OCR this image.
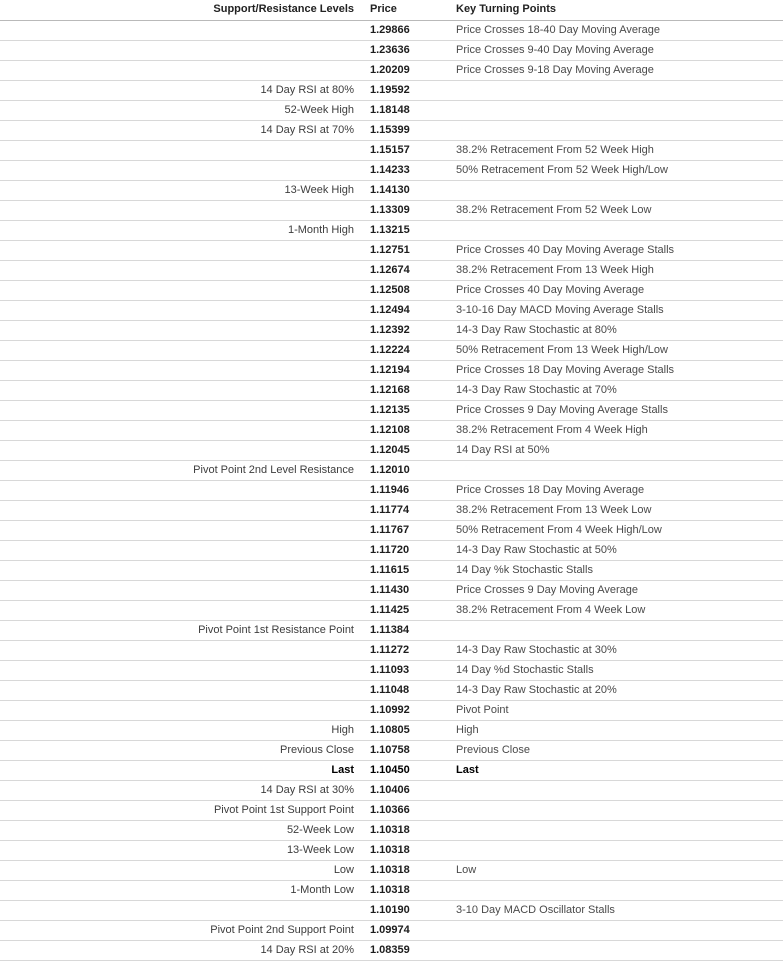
Support/Resistance Levels	Price	Key Turning Points
	1.29866	Price Crosses 18-40 Day Moving Average
	1.23636	Price Crosses 9-40 Day Moving Average
	1.20209	Price Crosses 9-18 Day Moving Average
14 Day RSI at 80%	1.19592	
52-Week High	1.18148	
14 Day RSI at 70%	1.15399	
	1.15157	38.2% Retracement From 52 Week High
	1.14233	50% Retracement From 52 Week High/Low
13-Week High	1.14130	
	1.13309	38.2% Retracement From 52 Week Low
1-Month High	1.13215	
	1.12751	Price Crosses 40 Day Moving Average Stalls
	1.12674	38.2% Retracement From 13 Week High
	1.12508	Price Crosses 40 Day Moving Average
	1.12494	3-10-16 Day MACD Moving Average Stalls
	1.12392	14-3 Day Raw Stochastic at 80%
	1.12224	50% Retracement From 13 Week High/Low
	1.12194	Price Crosses 18 Day Moving Average Stalls
	1.12168	14-3 Day Raw Stochastic at 70%
	1.12135	Price Crosses 9 Day Moving Average Stalls
	1.12108	38.2% Retracement From 4 Week High
	1.12045	14 Day RSI at 50%
Pivot Point 2nd Level Resistance	1.12010	
	1.11946	Price Crosses 18 Day Moving Average
	1.11774	38.2% Retracement From 13 Week Low
	1.11767	50% Retracement From 4 Week High/Low
	1.11720	14-3 Day Raw Stochastic at 50%
	1.11615	14 Day %k Stochastic Stalls
	1.11430	Price Crosses 9 Day Moving Average
	1.11425	38.2% Retracement From 4 Week Low
Pivot Point 1st Resistance Point	1.11384	
	1.11272	14-3 Day Raw Stochastic at 30%
	1.11093	14 Day %d Stochastic Stalls
	1.11048	14-3 Day Raw Stochastic at 20%
	1.10992	Pivot Point
High	1.10805	High
Previous Close	1.10758	Previous Close
Last	1.10450	Last
14 Day RSI at 30%	1.10406	
Pivot Point 1st Support Point	1.10366	
52-Week Low	1.10318	
13-Week Low	1.10318	
Low	1.10318	Low
1-Month Low	1.10318	
	1.10190	3-10 Day MACD Oscillator Stalls
Pivot Point 2nd Support Point	1.09974	
14 Day RSI at 20%	1.08359	
